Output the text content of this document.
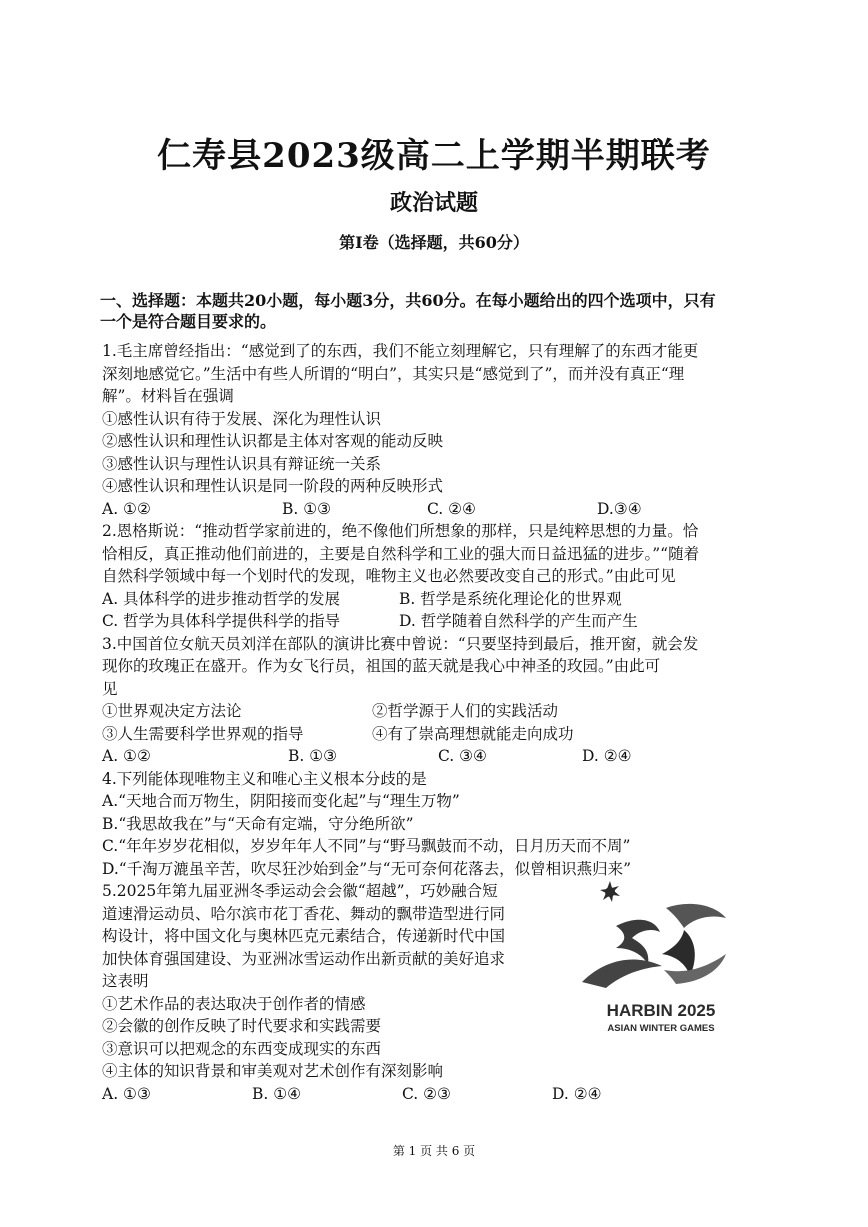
仁寿县2023级高二上学期半期联考
政治试题
第Ⅰ卷（选择题，共60分）
一、选择题：本题共20小题，每小题3分，共60分。在每小题给出的四个选项中，只有
一个是符合题目要求的。
1.毛主席曾经指出：“感觉到了的东西，我们不能立刻理解它，只有理解了的东西才能更
深刻地感觉它。”生活中有些人所谓的“明白”，其实只是“感觉到了”，而并没有真正“理
解”。材料旨在强调
①感性认识有待于发展、深化为理性认识
②感性认识和理性认识都是主体对客观的能动反映
③感性认识与理性认识具有辩证统一关系
④感性认识和理性认识是同一阶段的两种反映形式
A. ①②	B. ①③	C. ②④	D.③④
2.恩格斯说：“推动哲学家前进的，绝不像他们所想象的那样，只是纯粹思想的力量。恰
恰相反，真正推动他们前进的，主要是自然科学和工业的强大而日益迅猛的进步。”“随着
自然科学领域中每一个划时代的发现，唯物主义也必然要改变自己的形式。”由此可见
A. 具体科学的进步推动哲学的发展	B. 哲学是系统化理论化的世界观
C. 哲学为具体科学提供科学的指导	D. 哲学随着自然科学的产生而产生
3.中国首位女航天员刘洋在部队的演讲比赛中曾说：“只要坚持到最后，推开窗，就会发
现你的玫瑰正在盛开。作为女飞行员，祖国的蓝天就是我心中神圣的玫园。”由此可
见
①世界观决定方法论	②哲学源于人们的实践活动
③人生需要科学世界观的指导	④有了崇高理想就能走向成功
A. ①②	B. ①③	C. ③④	D. ②④
4.下列能体现唯物主义和唯心主义根本分歧的是
A.“天地合而万物生，阴阳接而变化起”与“理生万物”
B.“我思故我在”与“天命有定端，守分绝所欲”
C.“年年岁岁花相似，岁岁年年人不同”与“野马飘鼓而不动，日月历天而不周”
D.“千淘万漉虽辛苦，吹尽狂沙始到金”与“无可奈何花落去，似曾相识燕归来”
5.2025年第九届亚洲冬季运动会会徽“超越”，巧妙融合短
道速滑运动员、哈尔滨市花丁香花、舞动的飘带造型进行同
构设计，将中国文化与奥林匹克元素结合，传递新时代中国
加快体育强国建设、为亚洲冰雪运动作出新贡献的美好追求
这表明
①艺术作品的表达取决于创作者的情感
②会徽的创作反映了时代要求和实践需要
③意识可以把观念的东西变成现实的东西
④主体的知识背景和审美观对艺术创作有深刻影响
A. ①③	B. ①④	C. ②③	D. ②④
HARBIN 2025
ASIAN WINTER GAMES
第 1 页 共 6 页
